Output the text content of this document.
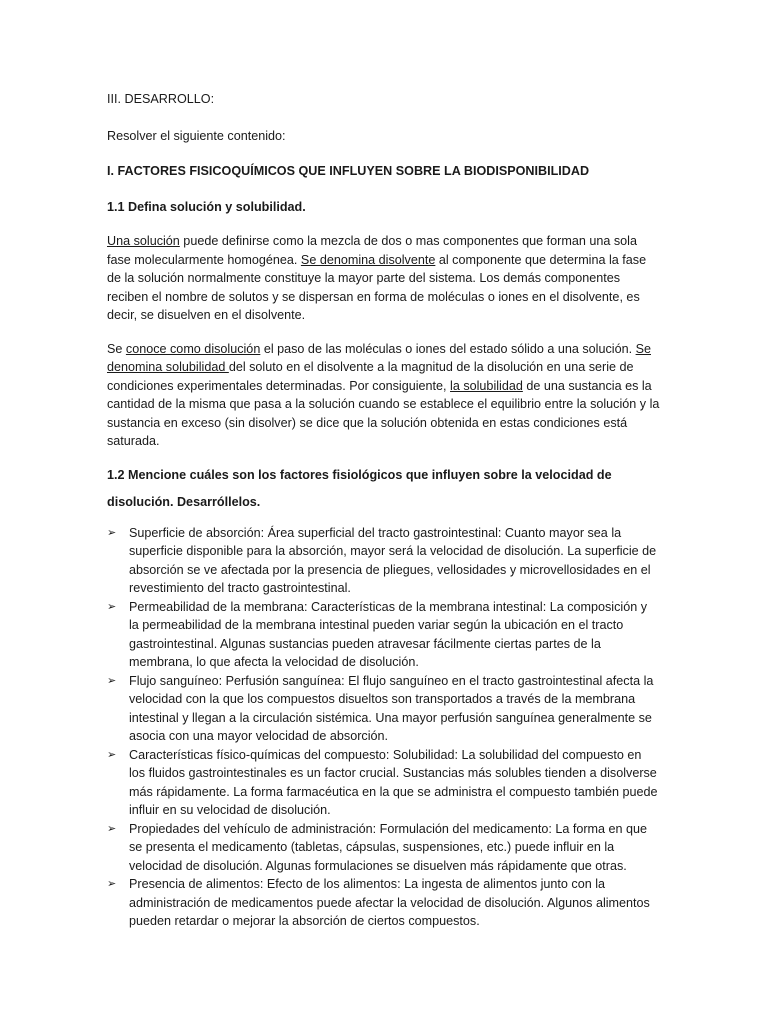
III. DESARROLLO:

Resolver el siguiente contenido:

I. FACTORES FISICOQUÍMICOS QUE INFLUYEN SOBRE LA BIODISPONIBILIDAD

1.1 Defina solución y solubilidad.

Una solución puede definirse como la mezcla de dos o mas componentes que forman una sola fase molecularmente homogénea. Se denomina disolvente al componente que determina la fase de la solución normalmente constituye la mayor parte del sistema. Los demás componentes reciben el nombre de solutos y se dispersan en forma de moléculas o iones en el disolvente, es decir, se disuelven en el disolvente.

Se conoce como disolución el paso de las moléculas o iones del estado sólido a una solución. Se denomina solubilidad del soluto en el disolvente a la magnitud de la disolución en una serie de condiciones experimentales determinadas. Por consiguiente, la solubilidad de una sustancia es la cantidad de la misma que pasa a la solución cuando se establece el equilibrio entre la solución y la sustancia en exceso (sin disolver) se dice que la solución obtenida en estas condiciones está saturada.

1.2 Mencione cuáles son los factores fisiológicos que influyen sobre la velocidad de

disolución. Desarróllelos.

➢ Superficie de absorción: Área superficial del tracto gastrointestinal: Cuanto mayor sea la superficie disponible para la absorción, mayor será la velocidad de disolución. La superficie de absorción se ve afectada por la presencia de pliegues, vellosidades y microvellosidades en el revestimiento del tracto gastrointestinal.
➢ Permeabilidad de la membrana: Características de la membrana intestinal: La composición y la permeabilidad de la membrana intestinal pueden variar según la ubicación en el tracto gastrointestinal. Algunas sustancias pueden atravesar fácilmente ciertas partes de la membrana, lo que afecta la velocidad de disolución.
➢ Flujo sanguíneo: Perfusión sanguínea: El flujo sanguíneo en el tracto gastrointestinal afecta la velocidad con la que los compuestos disueltos son transportados a través de la membrana intestinal y llegan a la circulación sistémica. Una mayor perfusión sanguínea generalmente se asocia con una mayor velocidad de absorción.
➢ Características físico-químicas del compuesto: Solubilidad: La solubilidad del compuesto en los fluidos gastrointestinales es un factor crucial. Sustancias más solubles tienden a disolverse más rápidamente. La forma farmacéutica en la que se administra el compuesto también puede influir en su velocidad de disolución.
➢ Propiedades del vehículo de administración: Formulación del medicamento: La forma en que se presenta el medicamento (tabletas, cápsulas, suspensiones, etc.) puede influir en la velocidad de disolución. Algunas formulaciones se disuelven más rápidamente que otras.
➢ Presencia de alimentos: Efecto de los alimentos: La ingesta de alimentos junto con la administración de medicamentos puede afectar la velocidad de disolución. Algunos alimentos pueden retardar o mejorar la absorción de ciertos compuestos.
